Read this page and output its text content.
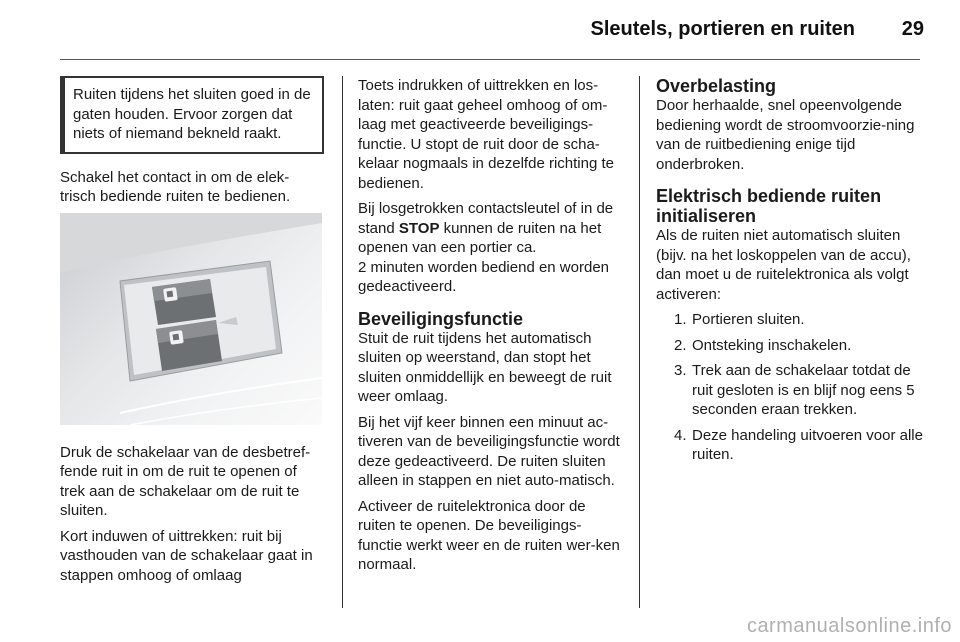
Sleutels, portieren en ruiten 29
Ruiten tijdens het sluiten goed in de gaten houden. Ervoor zorgen dat niets of niemand bekneld raakt.

Schakel het contact in om de elek-trisch bediende ruiten te bedienen.

Druk de schakelaar van de desbetref-fende ruit in om de ruit te openen of trek aan de schakelaar om de ruit te sluiten.

Kort induwen of uittrekken: ruit bij vasthouden van de schakelaar gaat in stappen omhoog of omlaag

Toets indrukken of uittrekken en los-laten: ruit gaat geheel omhoog of om-laag met geactiveerde beveiligings-functie. U stopt de ruit door de scha-kelaar nogmaals in dezelfde richting te bedienen.

Bij losgetrokken contactsleutel of in de stand STOP kunnen de ruiten na het openen van een portier ca.
2 minuten worden bediend en worden gedeactiveerd.

Beveiligingsfunctie

Stuit de ruit tijdens het automatisch sluiten op weerstand, dan stopt het sluiten onmiddellijk en beweegt de ruit weer omlaag.

Bij het vijf keer binnen een minuut ac-tiveren van de beveiligingsfunctie wordt deze gedeactiveerd. De ruiten sluiten alleen in stappen en niet auto-matisch.

Activeer de ruitelektronica door de ruiten te openen. De beveiligings-functie werkt weer en de ruiten wer-ken normaal.

Overbelasting

Door herhaalde, snel opeenvolgende bediening wordt de stroomvoorzie-ning van de ruitbediening enige tijd onderbroken.

Elektrisch bediende ruiten initialiseren

Als de ruiten niet automatisch sluiten (bijv. na het loskoppelen van de accu), dan moet u de ruitelektronica als volgt activeren:

1. Portieren sluiten.
2. Ontsteking inschakelen.
3. Trek aan de schakelaar totdat de ruit gesloten is en blijf nog eens 5 seconden eraan trekken.
4. Deze handeling uitvoeren voor alle ruiten.
carmanualsonline.info
